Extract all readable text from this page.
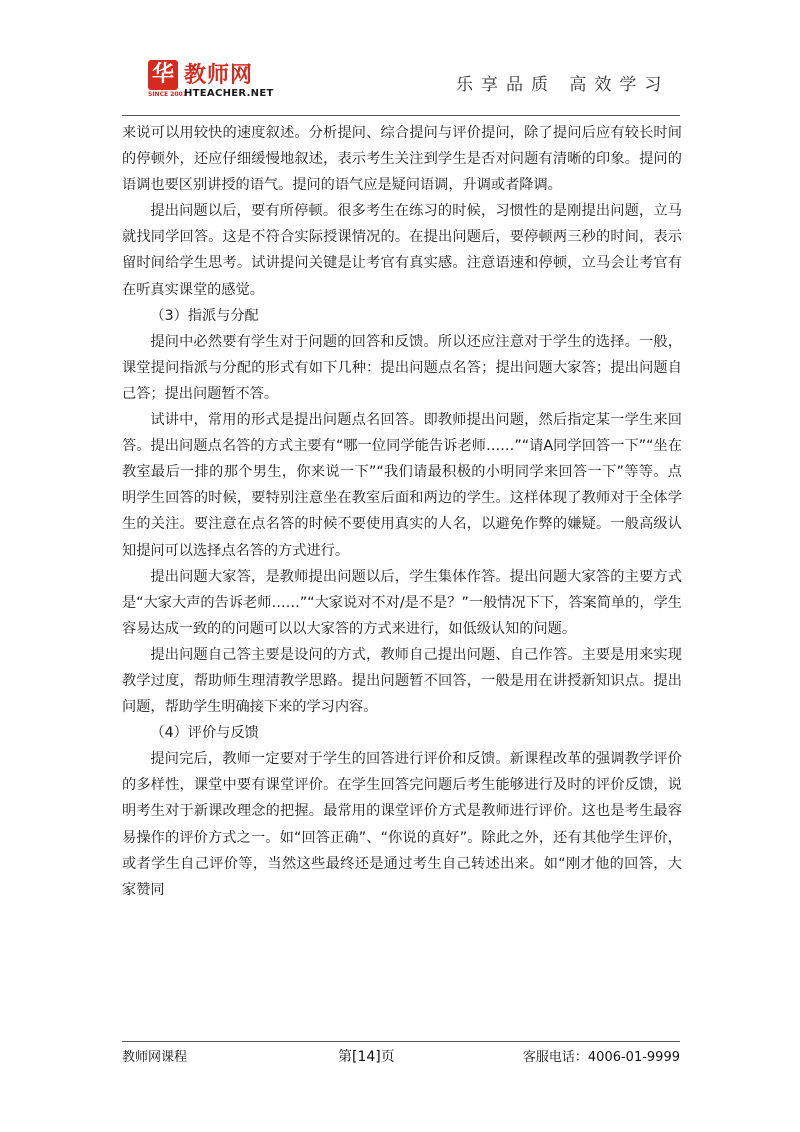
华
SINCE 2001
教师网
HTEACHER.NET	乐享品质 高效学习

来说可以用较快的速度叙述。分析提问、综合提问与评价提问，除了提问后应有较长时间的停顿外，还应仔细缓慢地叙述，表示考生关注到学生是否对问题有清晰的印象。提问的语调也要区别讲授的语气。提问的语气应是疑问语调，升调或者降调。

提出问题以后，要有所停顿。很多考生在练习的时候，习惯性的是刚提出问题，立马就找同学回答。这是不符合实际授课情况的。在提出问题后，要停顿两三秒的时间，表示留时间给学生思考。试讲提问关键是让考官有真实感。注意语速和停顿，立马会让考官有在听真实课堂的感觉。

（3）指派与分配

提问中必然要有学生对于问题的回答和反馈。所以还应注意对于学生的选择。一般，课堂提问指派与分配的形式有如下几种：提出问题点名答；提出问题大家答；提出问题自己答；提出问题暂不答。

试讲中，常用的形式是提出问题点名回答。即教师提出问题，然后指定某一学生来回答。提出问题点名答的方式主要有“哪一位同学能告诉老师……”“请A同学回答一下”“坐在教室最后一排的那个男生，你来说一下”“我们请最积极的小明同学来回答一下”等等。点明学生回答的时候，要特别注意坐在教室后面和两边的学生。这样体现了教师对于全体学生的关注。要注意在点名答的时候不要使用真实的人名，以避免作弊的嫌疑。一般高级认知提问可以选择点名答的方式进行。

提出问题大家答，是教师提出问题以后，学生集体作答。提出问题大家答的主要方式是“大家大声的告诉老师……”“大家说对不对/是不是？”一般情况下下，答案简单的，学生容易达成一致的的问题可以以大家答的方式来进行，如低级认知的问题。

提出问题自己答主要是设问的方式，教师自己提出问题、自己作答。主要是用来实现教学过度，帮助师生理清教学思路。提出问题暂不回答，一般是用在讲授新知识点。提出问题，帮助学生明确接下来的学习内容。

（4）评价与反馈

提问完后，教师一定要对于学生的回答进行评价和反馈。新课程改革的强调教学评价的多样性，课堂中要有课堂评价。在学生回答完问题后考生能够进行及时的评价反馈，说明考生对于新课改理念的把握。最常用的课堂评价方式是教师进行评价。这也是考生最容易操作的评价方式之一。如“回答正确”、“你说的真好”。除此之外，还有其他学生评价，或者学生自己评价等，当然这些最终还是通过考生自己转述出来。如“刚才他的回答，大家赞同

教师网课程	第[14]页	客服电话：4006-01-9999
